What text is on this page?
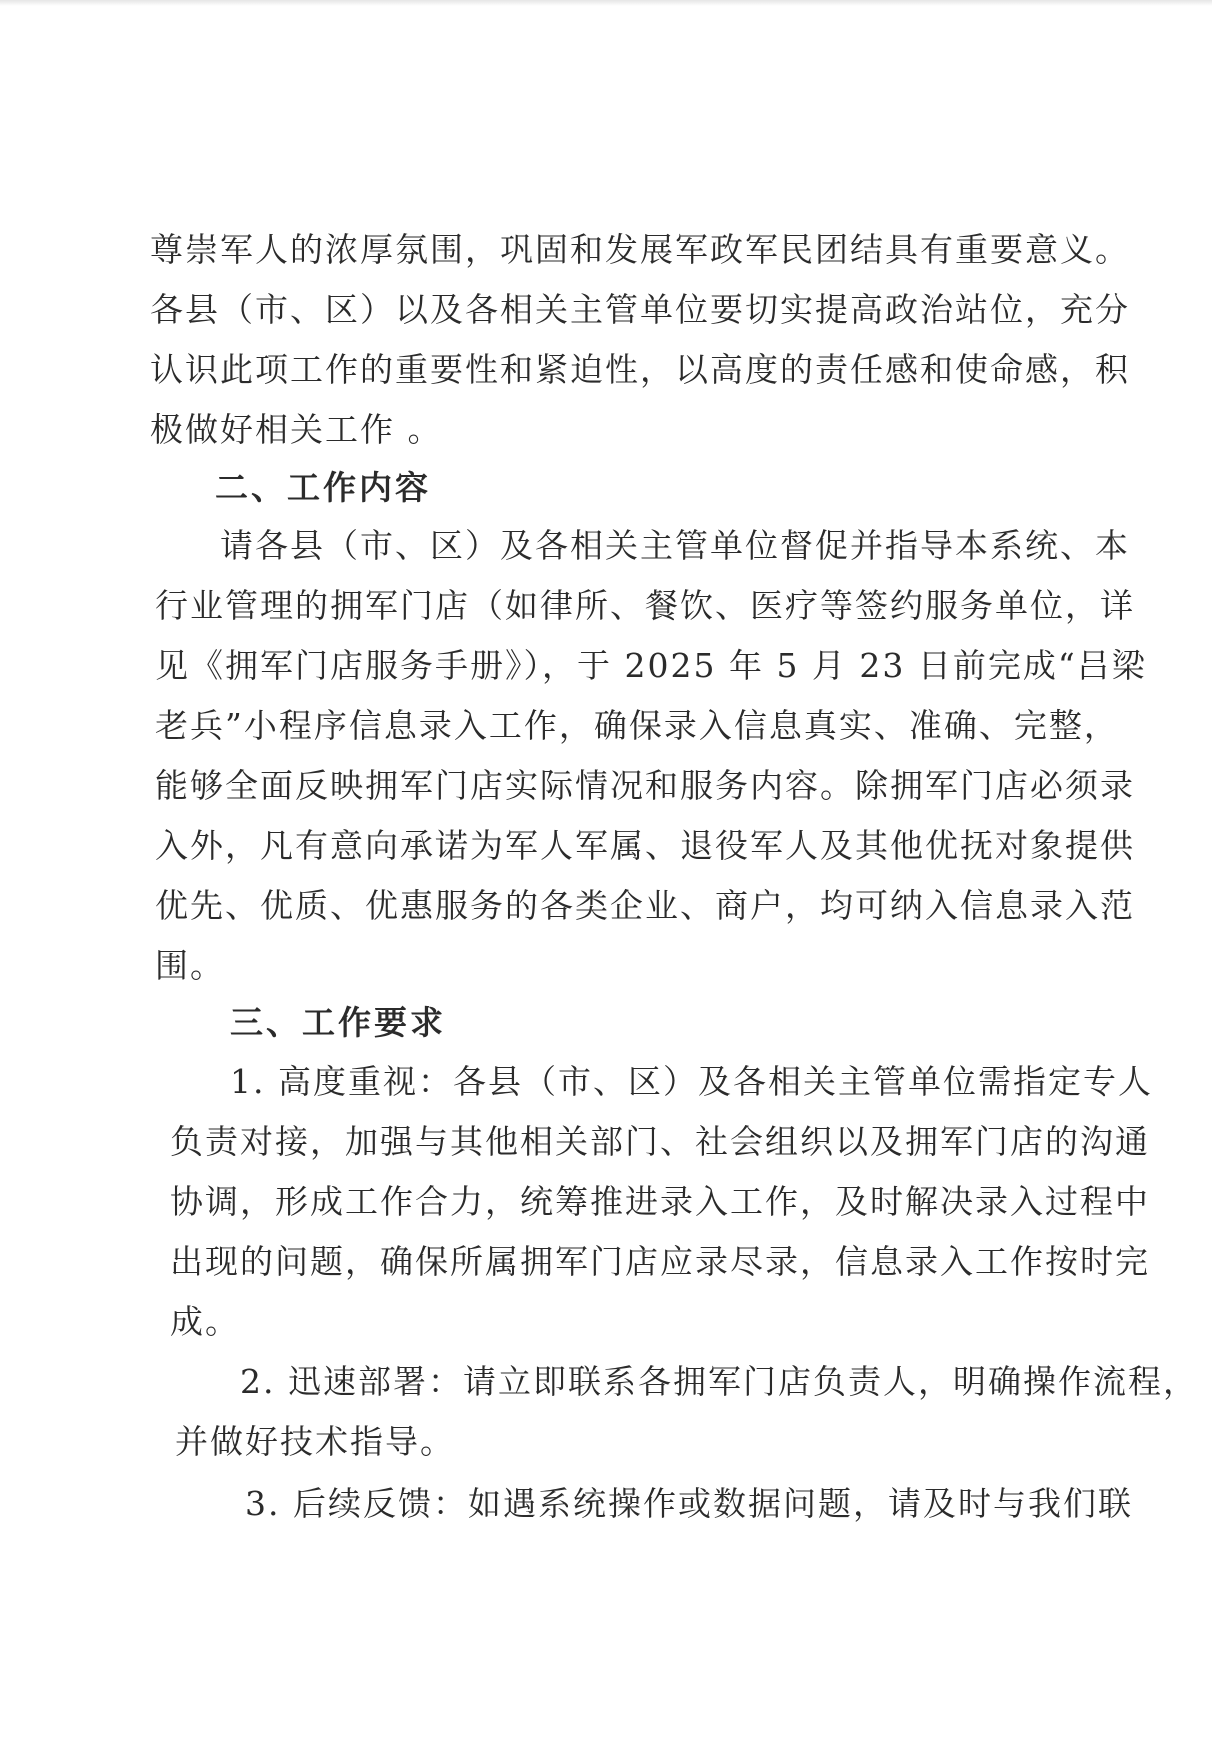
尊崇军人的浓厚氛围，巩固和发展军政军民团结具有重要意义。
各县（市、区）以及各相关主管单位要切实提高政治站位，充分
认识此项工作的重要性和紧迫性，以高度的责任感和使命感，积
极做好相关工作 。
二、工作内容
请各县（市、区）及各相关主管单位督促并指导本系统、本
行业管理的拥军门店（如律所、餐饮、医疗等签约服务单位，详
见《拥军门店服务手册》），于 2025 年 5 月 23 日前完成“吕梁
老兵”小程序信息录入工作，确保录入信息真实、准确、完整，
能够全面反映拥军门店实际情况和服务内容。除拥军门店必须录
入外，凡有意向承诺为军人军属、退役军人及其他优抚对象提供
优先、优质、优惠服务的各类企业、商户，均可纳入信息录入范
围。
三、工作要求
1. 高度重视：各县（市、区）及各相关主管单位需指定专人
负责对接，加强与其他相关部门、社会组织以及拥军门店的沟通
协调，形成工作合力，统筹推进录入工作，及时解决录入过程中
出现的问题，确保所属拥军门店应录尽录，信息录入工作按时完
成。
2. 迅速部署：请立即联系各拥军门店负责人，明确操作流程，
并做好技术指导。
3. 后续反馈：如遇系统操作或数据问题，请及时与我们联
